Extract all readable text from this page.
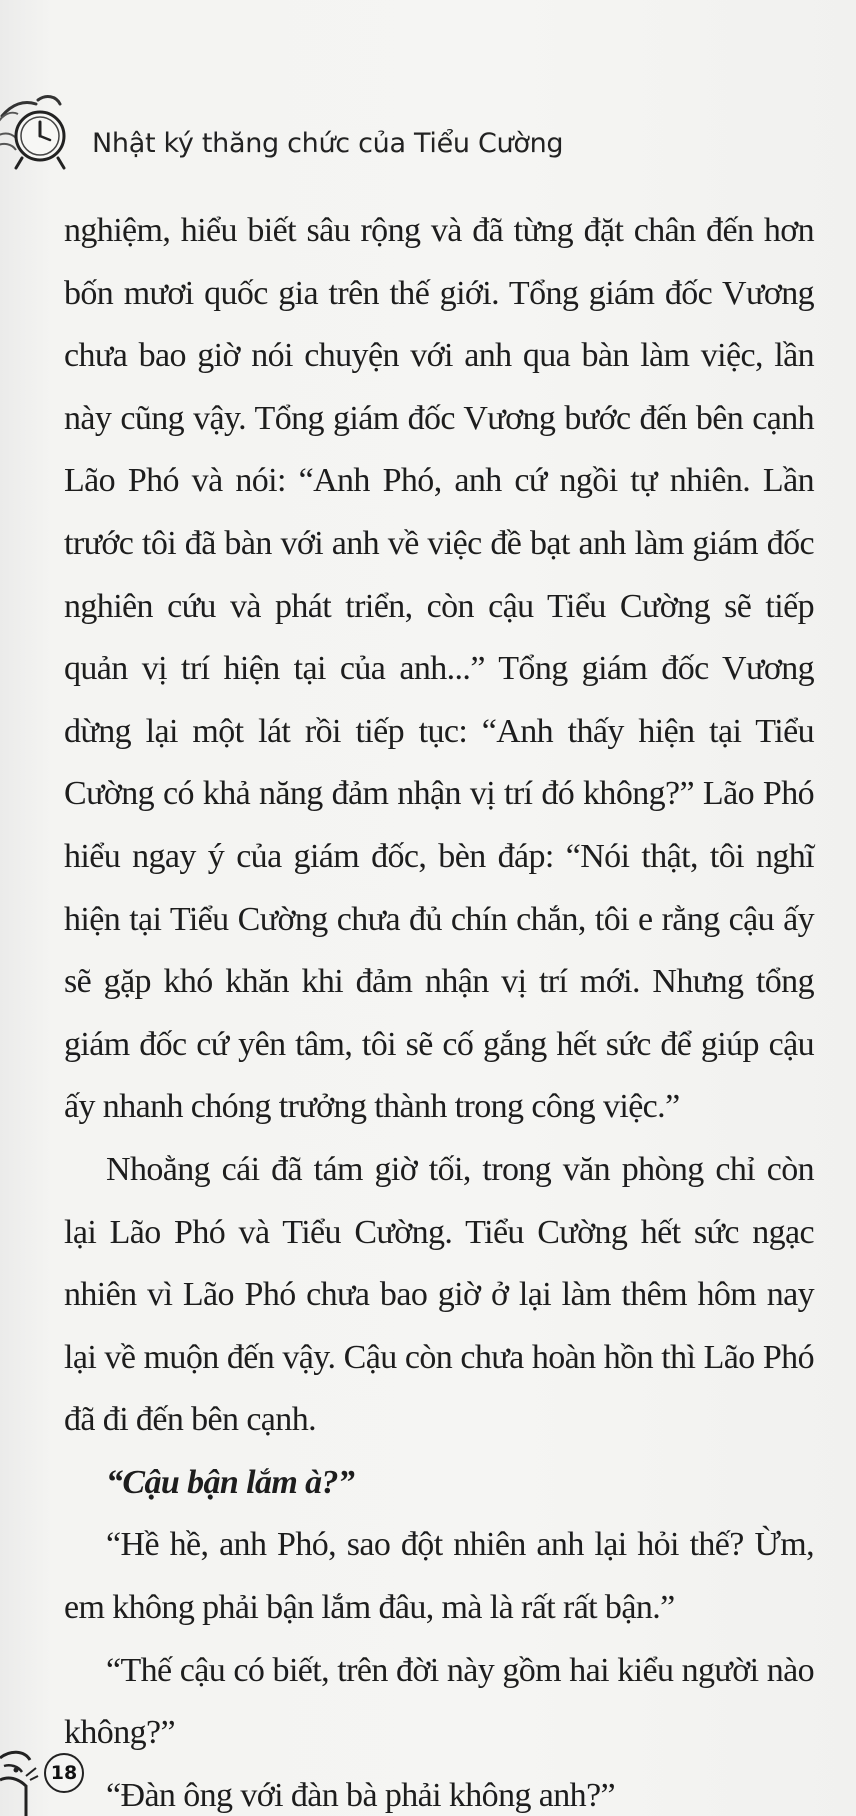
Nhật ký thăng chức của Tiểu Cường

nghiệm, hiểu biết sâu rộng và đã từng đặt chân đến hơn bốn mươi quốc gia trên thế giới. Tổng giám đốc Vương chưa bao giờ nói chuyện với anh qua bàn làm việc, lần này cũng vậy. Tổng giám đốc Vương bước đến bên cạnh Lão Phó và nói: “Anh Phó, anh cứ ngồi tự nhiên. Lần trước tôi đã bàn với anh về việc đề bạt anh làm giám đốc nghiên cứu và phát triển, còn cậu Tiểu Cường sẽ tiếp quản vị trí hiện tại của anh...” Tổng giám đốc Vương dừng lại một lát rồi tiếp tục: “Anh thấy hiện tại Tiểu Cường có khả năng đảm nhận vị trí đó không?” Lão Phó hiểu ngay ý của giám đốc, bèn đáp: “Nói thật, tôi nghĩ hiện tại Tiểu Cường chưa đủ chín chắn, tôi e rằng cậu ấy sẽ gặp khó khăn khi đảm nhận vị trí mới. Nhưng tổng giám đốc cứ yên tâm, tôi sẽ cố gắng hết sức để giúp cậu ấy nhanh chóng trưởng thành trong công việc.”

Nhoằng cái đã tám giờ tối, trong văn phòng chỉ còn lại Lão Phó và Tiểu Cường. Tiểu Cường hết sức ngạc nhiên vì Lão Phó chưa bao giờ ở lại làm thêm hôm nay lại về muộn đến vậy. Cậu còn chưa hoàn hồn thì Lão Phó đã đi đến bên cạnh.

“Cậu bận lắm à?”

“Hề hề, anh Phó, sao đột nhiên anh lại hỏi thế? Ừm, em không phải bận lắm đâu, mà là rất rất bận.”

“Thế cậu có biết, trên đời này gồm hai kiểu người nào không?”

“Đàn ông với đàn bà phải không anh?”

18
